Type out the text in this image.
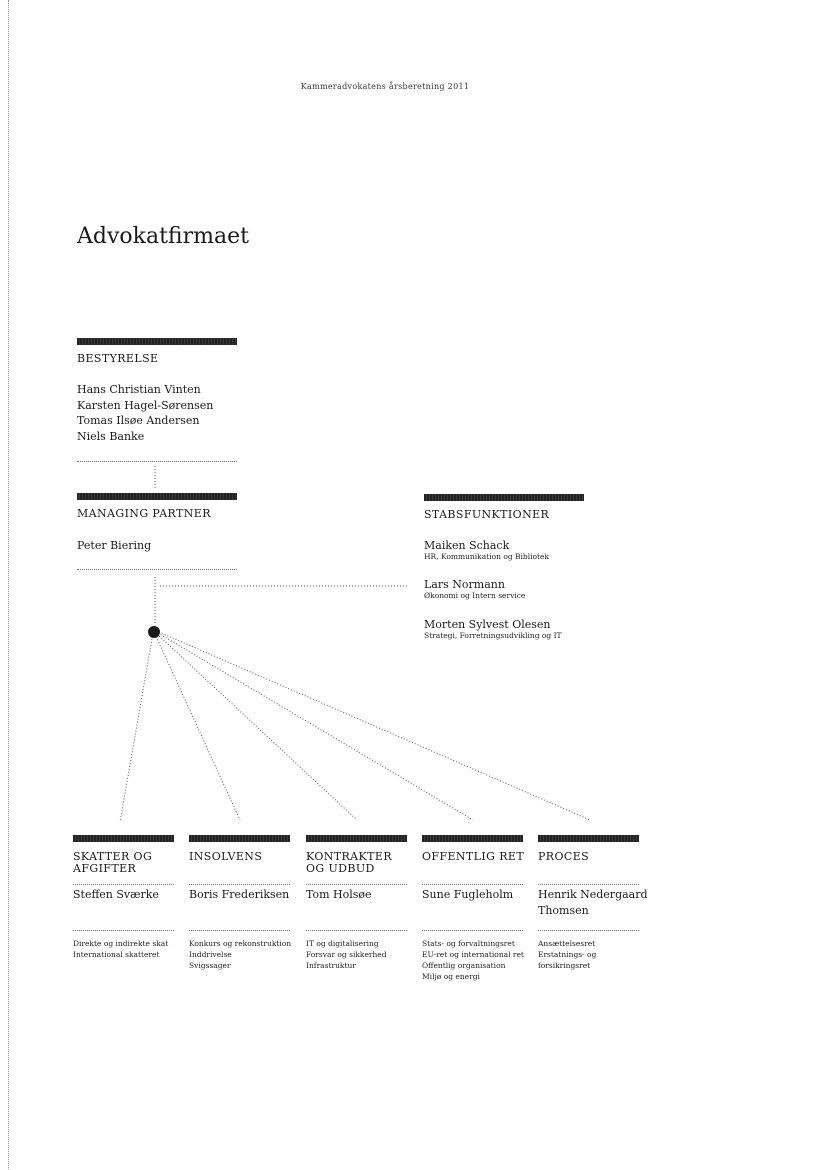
Kammeradvokatens årsberetning 2011
Advokatfirmaet
BESTYRELSE
Hans Christian Vinten
Karsten Hagel-Sørensen
Tomas Ilsøe Andersen
Niels Banke
MANAGING PARTNER
Peter Biering
STABSFUNKTIONER
Maiken Schack
HR, Kommunikation og Bibliotek
Lars Normann
Økonomi og Intern service
Morten Sylvest Olesen
Strategi, Forretningsudvikling og IT
SKATTER OG
AFGIFTER
Steffen Sværke
Direkte og indirekte skat
International skatteret
INSOLVENS
Boris Frederiksen
Konkurs og rekonstruktion
Inddrivelse
Svigssager
KONTRAKTER
OG UDBUD
Tom Holsøe
IT og digitalisering
Forsvar og sikkerhed
Infrastruktur
OFFENTLIG RET
Sune Fugleholm
Stats- og forvaltningsret
EU-ret og international ret
Offentlig organisation
Miljø og energi
PROCES
Henrik Nedergaard
Thomsen
Ansættelsesret
Erstatnings- og
forsikringsret
